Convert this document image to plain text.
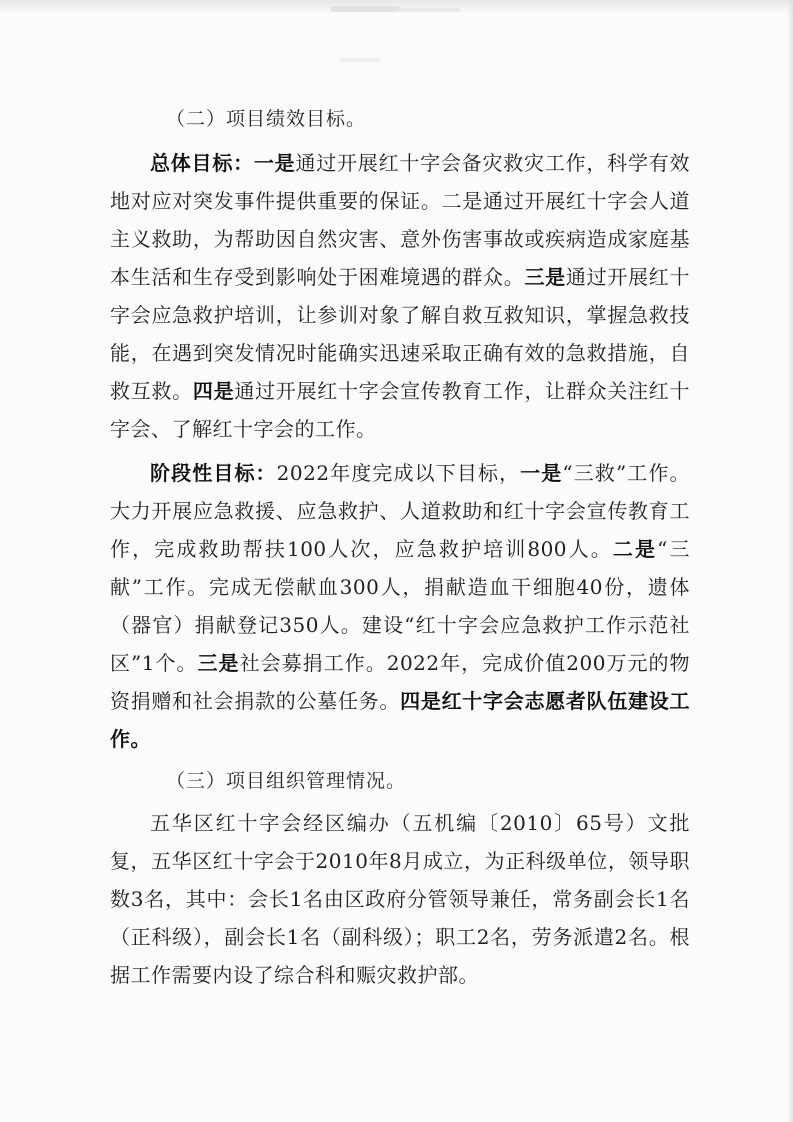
（二）项目绩效目标。

总体目标：一是通过开展红十字会备灾救灾工作，科学有效地对应对突发事件提供重要的保证。二是通过开展红十字会人道主义救助，为帮助因自然灾害、意外伤害事故或疾病造成家庭基本生活和生存受到影响处于困难境遇的群众。三是通过开展红十字会应急救护培训，让参训对象了解自救互救知识，掌握急救技能，在遇到突发情况时能确实迅速采取正确有效的急救措施，自救互救。四是通过开展红十字会宣传教育工作，让群众关注红十字会、了解红十字会的工作。

阶段性目标：2022年度完成以下目标，一是“三救”工作。大力开展应急救援、应急救护、人道救助和红十字会宣传教育工作，完成救助帮扶100人次，应急救护培训800人。二是“三献”工作。完成无偿献血300人，捐献造血干细胞40份，遗体（器官）捐献登记350人。建设“红十字会应急救护工作示范社区”1个。三是社会募捐工作。2022年，完成价值200万元的物资捐赠和社会捐款的公墓任务。四是红十字会志愿者队伍建设工作。

（三）项目组织管理情况。

五华区红十字会经区编办（五机编〔2010〕65号）文批复，五华区红十字会于2010年8月成立，为正科级单位，领导职数3名，其中：会长1名由区政府分管领导兼任，常务副会长1名（正科级），副会长1名（副科级）；职工2名，劳务派遣2名。根据工作需要内设了综合科和赈灾救护部。
